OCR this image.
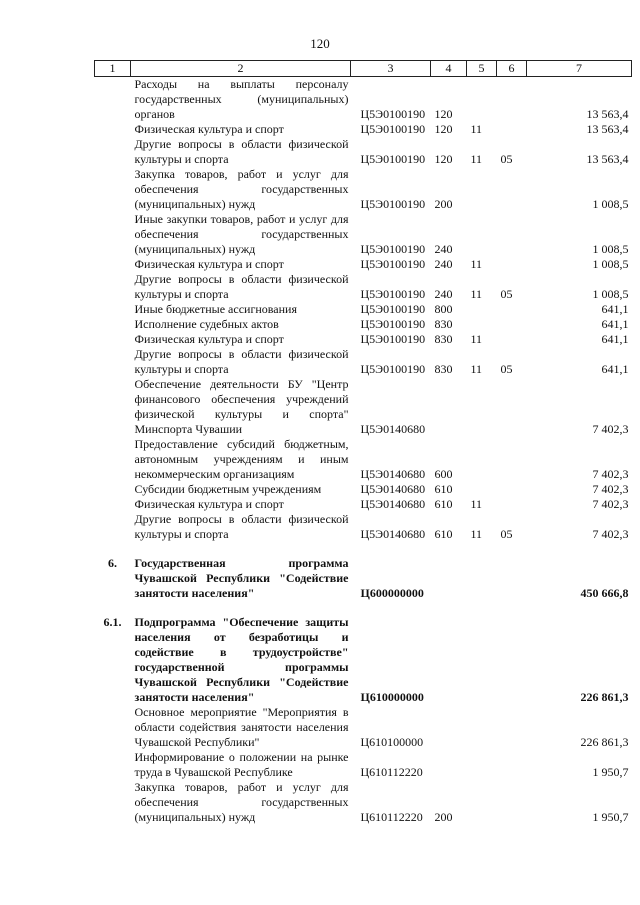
120
1	2	3	4	5	6	7
	Расходы на выплаты персоналу государственных (муниципальных) органов	Ц5Э0100190	120			13 563,4
	Физическая культура и спорт	Ц5Э0100190	120	11		13 563,4
	Другие вопросы в области физической культуры и спорта	Ц5Э0100190	120	11	05	13 563,4
	Закупка товаров, работ и услуг для обеспечения государственных (муниципальных) нужд	Ц5Э0100190	200			1 008,5
	Иные закупки товаров, работ и услуг для обеспечения государственных (муниципальных) нужд	Ц5Э0100190	240			1 008,5
	Физическая культура и спорт	Ц5Э0100190	240	11		1 008,5
	Другие вопросы в области физической культуры и спорта	Ц5Э0100190	240	11	05	1 008,5
	Иные бюджетные ассигнования	Ц5Э0100190	800			641,1
	Исполнение судебных актов	Ц5Э0100190	830			641,1
	Физическая культура и спорт	Ц5Э0100190	830	11		641,1
	Другие вопросы в области физической культуры и спорта	Ц5Э0100190	830	11	05	641,1
	Обеспечение деятельности БУ "Центр финансового обеспечения учреждений физической культуры и спорта" Минспорта Чувашии	Ц5Э0140680				7 402,3
	Предоставление субсидий бюджетным, автономным учреждениям и иным некоммерческим организациям	Ц5Э0140680	600			7 402,3
	Субсидии бюджетным учреждениям	Ц5Э0140680	610			7 402,3
	Физическая культура и спорт	Ц5Э0140680	610	11		7 402,3
	Другие вопросы в области физической культуры и спорта	Ц5Э0140680	610	11	05	7 402,3

6.	Государственная программа Чувашской Республики "Содействие занятости населения"	Ц600000000				450 666,8

6.1.	Подпрограмма "Обеспечение защиты населения от безработицы и содействие в трудоустройстве" государственной программы Чувашской Республики "Содействие занятости населения"	Ц610000000				226 861,3
	Основное мероприятие "Мероприятия в области содействия занятости населения Чувашской Республики"	Ц610100000				226 861,3
	Информирование о положении на рынке труда в Чувашской Республике	Ц610112220				1 950,7
	Закупка товаров, работ и услуг для обеспечения государственных (муниципальных) нужд	Ц610112220	200			1 950,7
